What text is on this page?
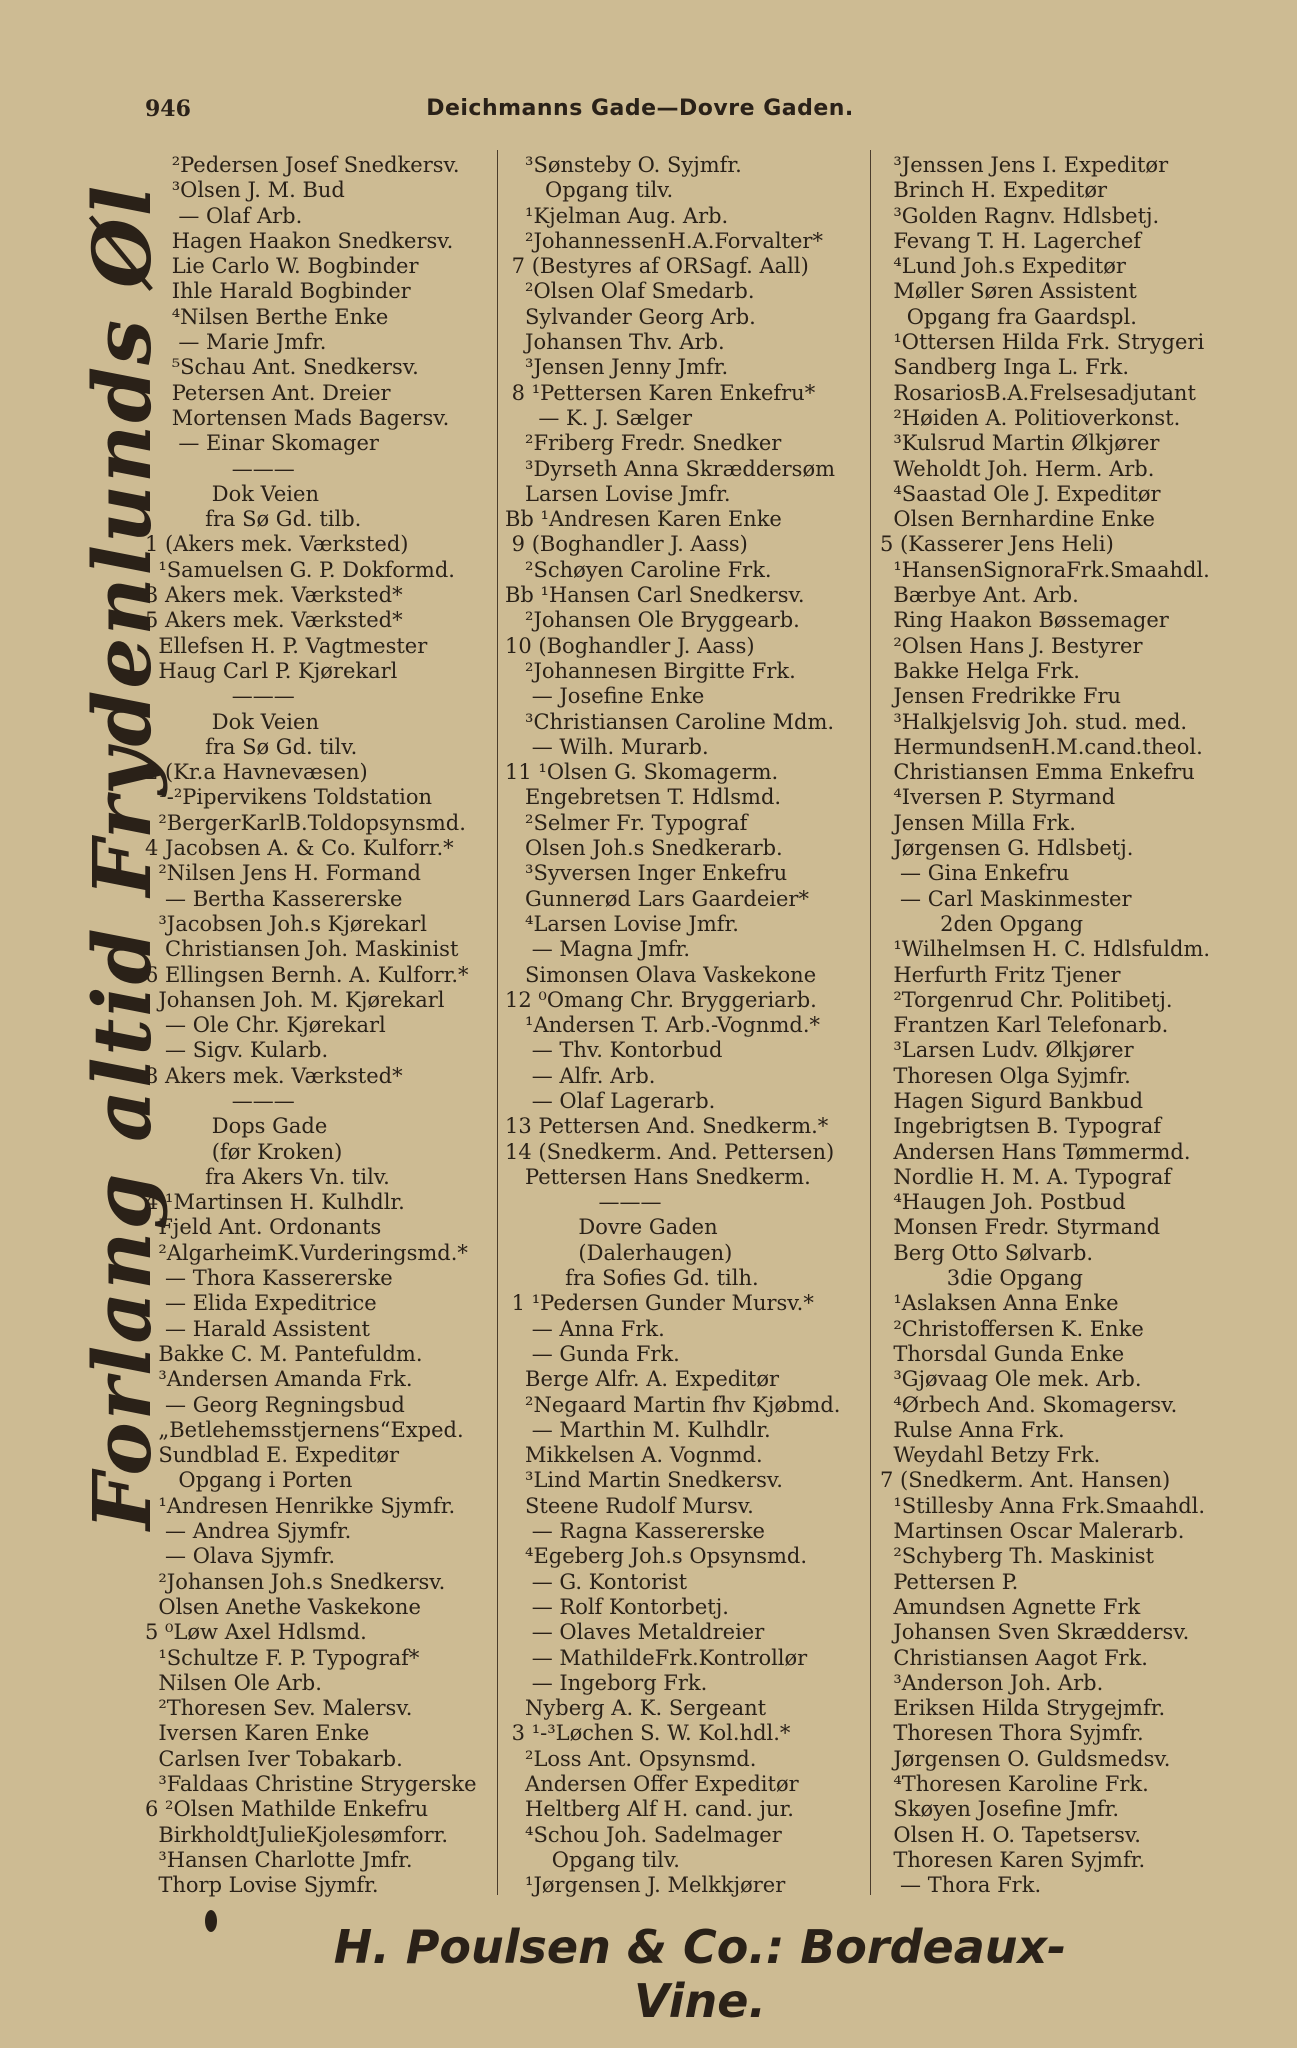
946	Deichmanns Gade—Dovre Gaden.
Forlang altid Frydenlunds Øl
²Pedersen Josef Snedkersv.
³Olsen J. M. Bud
— Olaf Arb.
Hagen Haakon Snedkersv.
Lie Carlo W. Bogbinder
Ihle Harald Bogbinder
⁴Nilsen Berthe Enke
— Marie Jmfr.
⁵Schau Ant. Snedkersv.
Petersen Ant. Dreier
Mortensen Mads Bagersv.
— Einar Skomager
———
Dok Veien
fra Sø Gd. tilb.
1 (Akers mek. Værksted)
¹Samuelsen G. P. Dokformd.
3 Akers mek. Værksted*
5 Akers mek. Værksted*
Ellefsen H. P. Vagtmester
Haug Carl P. Kjørekarl
———
Dok Veien
fra Sø Gd. tilv.
2 (Kr.a Havnevæsen)
¹-²Pipervikens Toldstation
²BergerKarlB.Toldopsynsmd.
4 Jacobsen A. & Co. Kulforr.*
²Nilsen Jens H. Formand
— Bertha Kassererske
³Jacobsen Joh.s Kjørekarl
Christiansen Joh. Maskinist
6 Ellingsen Bernh. A. Kulforr.*
Johansen Joh. M. Kjørekarl
— Ole Chr. Kjørekarl
— Sigv. Kularb.
8 Akers mek. Værksted*
———
Dops Gade
(før Kroken)
fra Akers Vn. tilv.
4 ¹Martinsen H. Kulhdlr.
Fjeld Ant. Ordonants
²AlgarheimK.Vurderingsmd.*
— Thora Kassererske
— Elida Expeditrice
— Harald Assistent
Bakke C. M. Pantefuldm.
³Andersen Amanda Frk.
— Georg Regningsbud
„Betlehemsstjernens“Exped.
Sundblad E. Expeditør
Opgang i Porten
¹Andresen Henrikke Sjymfr.
— Andrea Sjymfr.
— Olava Sjymfr.
²Johansen Joh.s Snedkersv.
Olsen Anethe Vaskekone
5 ⁰Løw Axel Hdlsmd.
¹Schultze F. P. Typograf*
Nilsen Ole Arb.
²Thoresen Sev. Malersv.
Iversen Karen Enke
Carlsen Iver Tobakarb.
³Faldaas Christine Strygerske
6 ²Olsen Mathilde Enkefru
BirkholdtJulieKjolesømforr.
³Hansen Charlotte Jmfr.
Thorp Lovise Sjymfr.
³Sønsteby O. Syjmfr.
Opgang tilv.
¹Kjelman Aug. Arb.
²JohannessenH.A.Forvalter*
7 (Bestyres af ORSagf. Aall)
²Olsen Olaf Smedarb.
Sylvander Georg Arb.
Johansen Thv. Arb.
³Jensen Jenny Jmfr.
8 ¹Pettersen Karen Enkefru*
— K. J. Sælger
²Friberg Fredr. Snedker
³Dyrseth Anna Skræddersøm
Larsen Lovise Jmfr.
Bb ¹Andresen Karen Enke
9 (Boghandler J. Aass)
²Schøyen Caroline Frk.
Bb ¹Hansen Carl Snedkersv.
²Johansen Ole Bryggearb.
10 (Boghandler J. Aass)
²Johannesen Birgitte Frk.
— Josefine Enke
³Christiansen Caroline Mdm.
— Wilh. Murarb.
11 ¹Olsen G. Skomagerm.
Engebretsen T. Hdlsmd.
²Selmer Fr. Typograf
Olsen Joh.s Snedkerarb.
³Syversen Inger Enkefru
Gunnerød Lars Gaardeier*
⁴Larsen Lovise Jmfr.
— Magna Jmfr.
Simonsen Olava Vaskekone
12 ⁰Omang Chr. Bryggeriarb.
¹Andersen T. Arb.-Vognmd.*
— Thv. Kontorbud
— Alfr. Arb.
— Olaf Lagerarb.
13 Pettersen And. Snedkerm.*
14 (Snedkerm. And. Pettersen)
Pettersen Hans Snedkerm.
———
Dovre Gaden
(Dalerhaugen)
fra Sofies Gd. tilh.
1 ¹Pedersen Gunder Mursv.*
— Anna Frk.
— Gunda Frk.
Berge Alfr. A. Expeditør
²Negaard Martin fhv Kjøbmd.
— Marthin M. Kulhdlr.
Mikkelsen A. Vognmd.
³Lind Martin Snedkersv.
Steene Rudolf Mursv.
— Ragna Kassererske
⁴Egeberg Joh.s Opsynsmd.
— G. Kontorist
— Rolf Kontorbetj.
— Olaves Metaldreier
— MathildeFrk.Kontrollør
— Ingeborg Frk.
Nyberg A. K. Sergeant
3 ¹-³Løchen S. W. Kol.hdl.*
²Loss Ant. Opsynsmd.
Andersen Offer Expeditør
Heltberg Alf H. cand. jur.
⁴Schou Joh. Sadelmager
Opgang tilv.
¹Jørgensen J. Melkkjører
³Jenssen Jens I. Expeditør
Brinch H. Expeditør
³Golden Ragnv. Hdlsbetj.
Fevang T. H. Lagerchef
⁴Lund Joh.s Expeditør
Møller Søren Assistent
Opgang fra Gaardspl.
¹Ottersen Hilda Frk. Strygeri
Sandberg Inga L. Frk.
RosariosB.A.Frelsesadjutant
²Høiden A. Politioverkonst.
³Kulsrud Martin Ølkjører
Weholdt Joh. Herm. Arb.
⁴Saastad Ole J. Expeditør
Olsen Bernhardine Enke
5 (Kasserer Jens Heli)
¹HansenSignoraFrk.Smaahdl.
Bærbye Ant. Arb.
Ring Haakon Bøssemager
²Olsen Hans J. Bestyrer
Bakke Helga Frk.
Jensen Fredrikke Fru
³Halkjelsvig Joh. stud. med.
HermundsenH.M.cand.theol.
Christiansen Emma Enkefru
⁴Iversen P. Styrmand
Jensen Milla Frk.
Jørgensen G. Hdlsbetj.
— Gina Enkefru
— Carl Maskinmester
2den Opgang
¹Wilhelmsen H. C. Hdlsfuldm.
Herfurth Fritz Tjener
²Torgenrud Chr. Politibetj.
Frantzen Karl Telefonarb.
³Larsen Ludv. Ølkjører
Thoresen Olga Syjmfr.
Hagen Sigurd Bankbud
Ingebrigtsen B. Typograf
Andersen Hans Tømmermd.
Nordlie H. M. A. Typograf
⁴Haugen Joh. Postbud
Monsen Fredr. Styrmand
Berg Otto Sølvarb.
3die Opgang
¹Aslaksen Anna Enke
²Christoffersen K. Enke
Thorsdal Gunda Enke
³Gjøvaag Ole mek. Arb.
⁴Ørbech And. Skomagersv.
Rulse Anna Frk.
Weydahl Betzy Frk.
7 (Snedkerm. Ant. Hansen)
¹Stillesby Anna Frk.Smaahdl.
Martinsen Oscar Malerarb.
²Schyberg Th. Maskinist
Pettersen P.
Amundsen Agnette Frk
Johansen Sven Skræddersv.
Christiansen Aagot Frk.
³Anderson Joh. Arb.
Eriksen Hilda Strygejmfr.
Thoresen Thora Syjmfr.
Jørgensen O. Guldsmedsv.
⁴Thoresen Karoline Frk.
Skøyen Josefine Jmfr.
Olsen H. O. Tapetsersv.
Thoresen Karen Syjmfr.
— Thora Frk.
H. Poulsen & Co.: Bordeaux-Vine.
